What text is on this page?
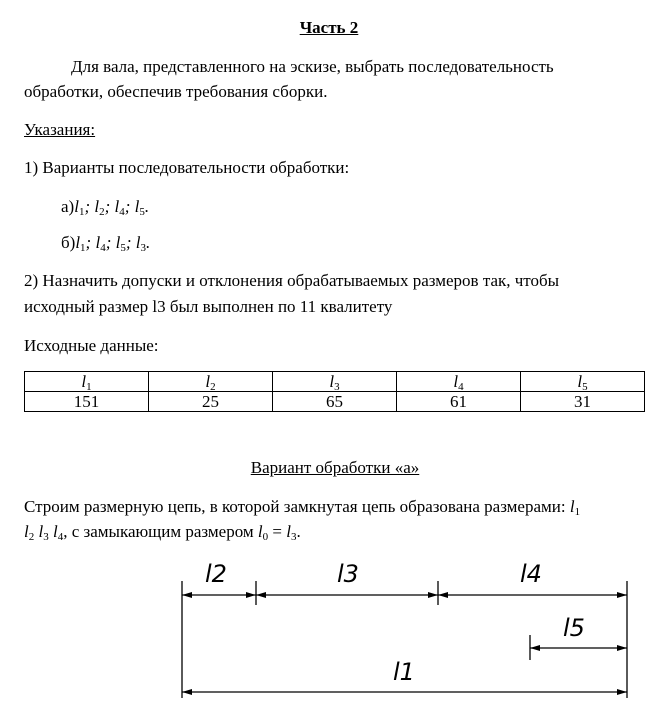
Часть 2
Для вала, представленного на эскизе, выбрать последовательность
обработки, обеспечив требования сборки.
Указания:
1) Варианты последовательности обработки:
$а)l_1$; $l_2$; $l_4$; $l_5$.
$б)l_1$; $l_4$; $l_5$; $l_3$.
2) Назначить допуски и отклонения обрабатываемых размеров так, чтобы
исходный размер l3 был выполнен по 11 квалитету
Исходные данные:
$l_1$	$l_2$	$l_3$	$l_4$	$l_5$
151	25	65	61	31
Вариант обработки «а»
Строим размерную цепь, в которой замкнутая цепь образована размерами: $l_1$
$l_2$ $l_3$ $l_4$, с замыкающим размером $l_0 = l_3$.
l2	l3	l4
l5
l1
